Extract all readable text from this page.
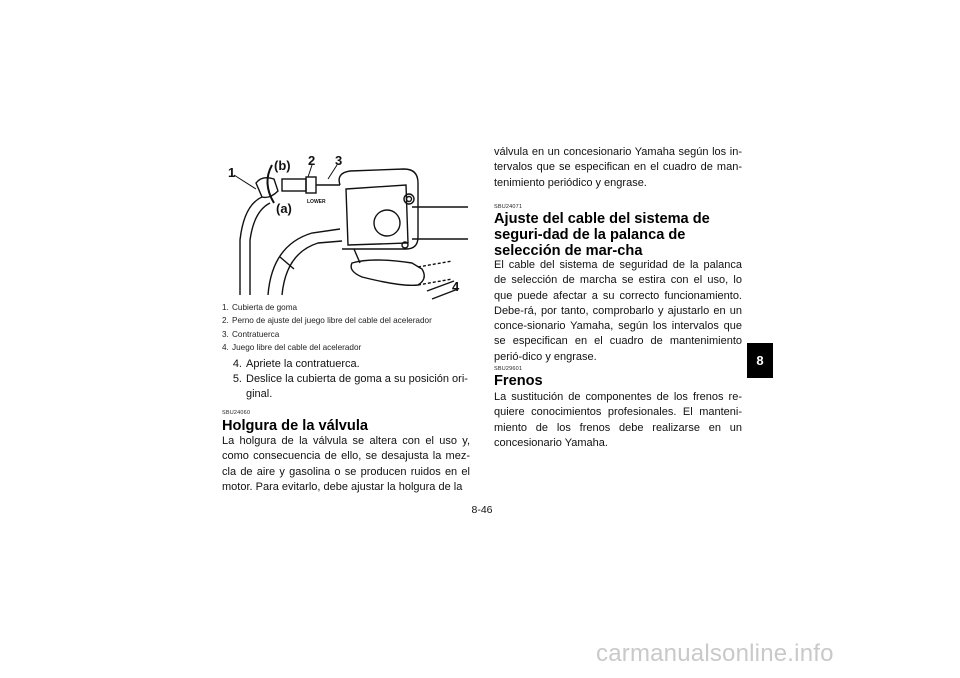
1	(b) 2 3
(a)
4
LOWER
1. Cubierta de goma
2. Perno de ajuste del juego libre del cable del acelerador
3. Contratuerca
4. Juego libre del cable del acelerador
4. Apriete la contratuerca.
5. Deslice la cubierta de goma a su posición ori-ginal.
SBU24060
Holgura de la válvula
La holgura de la válvula se altera con el uso y, como consecuencia de ello, se desajusta la mez-cla de aire y gasolina o se producen ruidos en el motor. Para evitarlo, debe ajustar la holgura de la
válvula en un concesionario Yamaha según los in-tervalos que se especifican en el cuadro de man-tenimiento periódico y engrase.
SBU24071
Ajuste del cable del sistema de seguri-dad de la palanca de selección de mar-cha
El cable del sistema de seguridad de la palanca de selección de marcha se estira con el uso, lo que puede afectar a su correcto funcionamiento. Debe-rá, por tanto, comprobarlo y ajustarlo en un conce-sionario Yamaha, según los intervalos que se especifican en el cuadro de mantenimiento perió-dico y engrase.
SBU29601
Frenos
La sustitución de componentes de los frenos re-quiere conocimientos profesionales. El manteni-miento de los frenos debe realizarse en un concesionario Yamaha.
8
8-46
carmanualsonline.info
